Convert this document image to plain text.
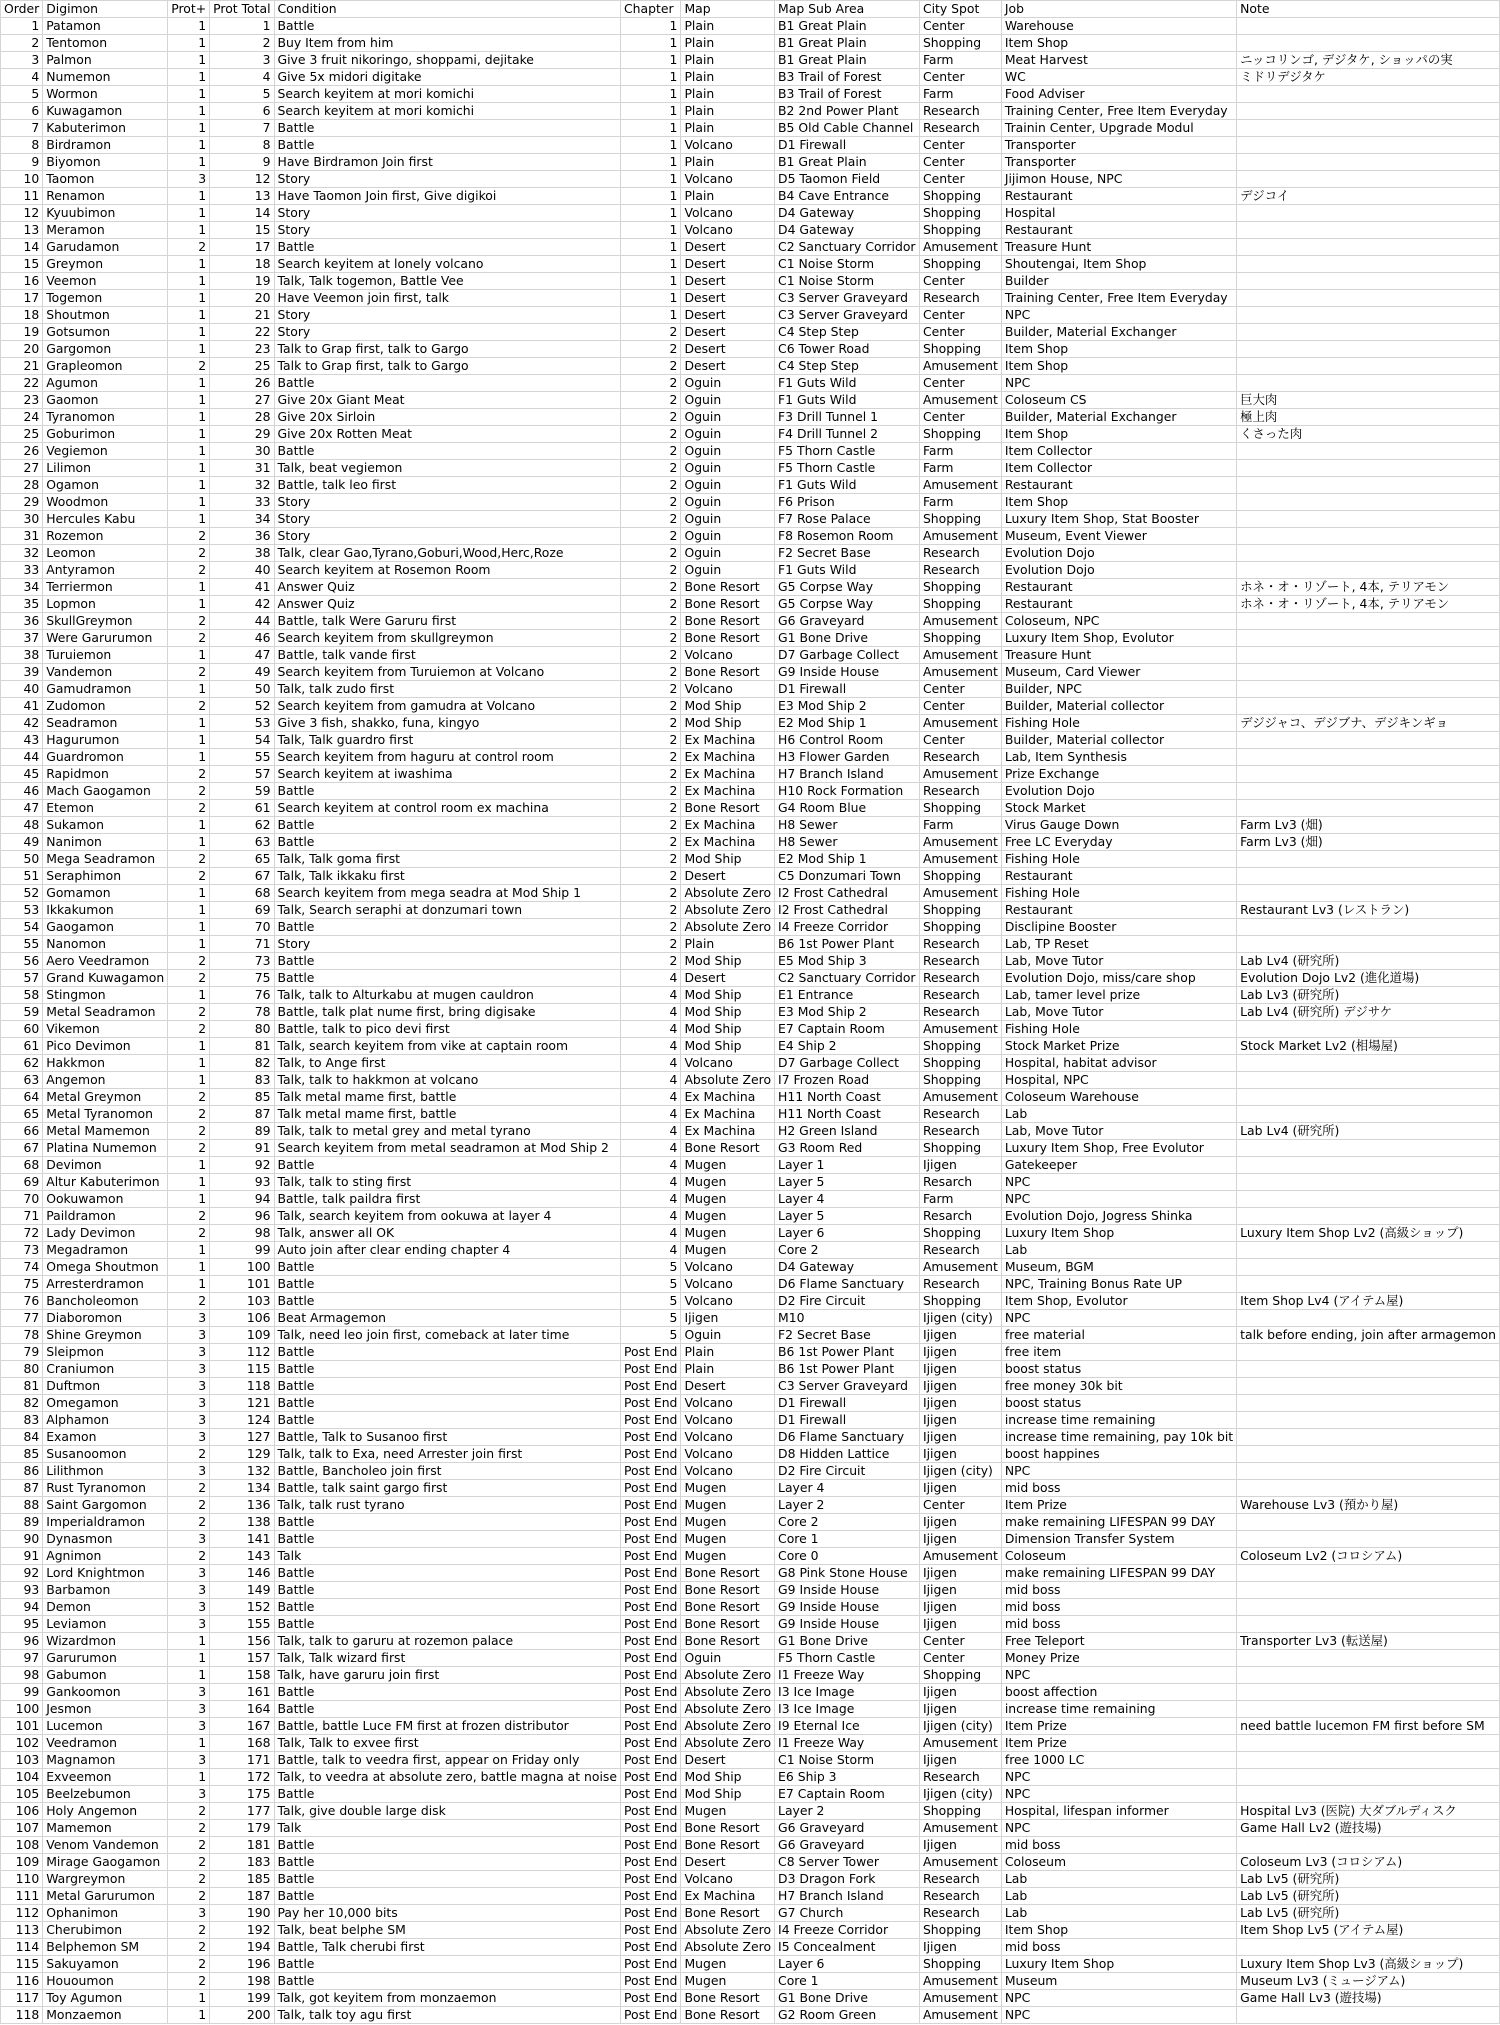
Order	Digimon	Prot+	Prot Total	Condition	Chapter	Map	Map Sub Area	City Spot	Job	Note
1	Patamon	1	1	Battle	1	Plain	B1 Great Plain	Center	Warehouse	
2	Tentomon	1	2	Buy Item from him	1	Plain	B1 Great Plain	Shopping	Item Shop	
3	Palmon	1	3	Give 3 fruit nikoringo, shoppami, dejitake	1	Plain	B1 Great Plain	Farm	Meat Harvest	ニッコリンゴ, デジタケ, ショッパの実
4	Numemon	1	4	Give 5x midori digitake	1	Plain	B3 Trail of Forest	Center	WC	ミドリデジタケ
5	Wormon	1	5	Search keyitem at mori komichi	1	Plain	B3 Trail of Forest	Farm	Food Adviser	
6	Kuwagamon	1	6	Search keyitem at mori komichi	1	Plain	B2 2nd Power Plant	Research	Training Center, Free Item Everyday	
7	Kabuterimon	1	7	Battle	1	Plain	B5 Old Cable Channel	Research	Trainin Center, Upgrade Modul	
8	Birdramon	1	8	Battle	1	Volcano	D1 Firewall	Center	Transporter	
9	Biyomon	1	9	Have Birdramon Join first	1	Plain	B1 Great Plain	Center	Transporter	
10	Taomon	3	12	Story	1	Volcano	D5 Taomon Field	Center	Jijimon House, NPC	
11	Renamon	1	13	Have Taomon Join first, Give digikoi	1	Plain	B4 Cave Entrance	Shopping	Restaurant	デジコイ
12	Kyuubimon	1	14	Story	1	Volcano	D4 Gateway	Shopping	Hospital	
13	Meramon	1	15	Story	1	Volcano	D4 Gateway	Shopping	Restaurant	
14	Garudamon	2	17	Battle	1	Desert	C2 Sanctuary Corridor	Amusement	Treasure Hunt	
15	Greymon	1	18	Search keyitem at lonely volcano	1	Desert	C1 Noise Storm	Shopping	Shoutengai, Item Shop	
16	Veemon	1	19	Talk, Talk togemon, Battle Vee	1	Desert	C1 Noise Storm	Center	Builder	
17	Togemon	1	20	Have Veemon join first, talk	1	Desert	C3 Server Graveyard	Research	Training Center, Free Item Everyday	
18	Shoutmon	1	21	Story	1	Desert	C3 Server Graveyard	Center	NPC	
19	Gotsumon	1	22	Story	2	Desert	C4 Step Step	Center	Builder, Material Exchanger	
20	Gargomon	1	23	Talk to Grap first, talk to Gargo	2	Desert	C6 Tower Road	Shopping	Item Shop	
21	Grapleomon	2	25	Talk to Grap first, talk to Gargo	2	Desert	C4 Step Step	Amusement	Item Shop	
22	Agumon	1	26	Battle	2	Oguin	F1 Guts Wild	Center	NPC	
23	Gaomon	1	27	Give 20x Giant Meat	2	Oguin	F1 Guts Wild	Amusement	Coloseum CS	巨大肉
24	Tyranomon	1	28	Give 20x Sirloin	2	Oguin	F3 Drill Tunnel 1	Center	Builder, Material Exchanger	極上肉
25	Goburimon	1	29	Give 20x Rotten Meat	2	Oguin	F4 Drill Tunnel 2	Shopping	Item Shop	くさった肉
26	Vegiemon	1	30	Battle	2	Oguin	F5 Thorn Castle	Farm	Item Collector	
27	Lilimon	1	31	Talk, beat vegiemon	2	Oguin	F5 Thorn Castle	Farm	Item Collector	
28	Ogamon	1	32	Battle, talk leo first	2	Oguin	F1 Guts Wild	Amusement	Restaurant	
29	Woodmon	1	33	Story	2	Oguin	F6 Prison	Farm	Item Shop	
30	Hercules Kabu	1	34	Story	2	Oguin	F7 Rose Palace	Shopping	Luxury Item Shop, Stat Booster	
31	Rozemon	2	36	Story	2	Oguin	F8 Rosemon Room	Amusement	Museum, Event Viewer	
32	Leomon	2	38	Talk, clear Gao,Tyrano,Goburi,Wood,Herc,Roze	2	Oguin	F2 Secret Base	Research	Evolution Dojo	
33	Antyramon	2	40	Search keyitem at Rosemon Room	2	Oguin	F1 Guts Wild	Research	Evolution Dojo	
34	Terriermon	1	41	Answer Quiz	2	Bone Resort	G5 Corpse Way	Shopping	Restaurant	ホネ・オ・リゾート, 4本, テリアモン
35	Lopmon	1	42	Answer Quiz	2	Bone Resort	G5 Corpse Way	Shopping	Restaurant	ホネ・オ・リゾート, 4本, テリアモン
36	SkullGreymon	2	44	Battle, talk Were Garuru first	2	Bone Resort	G6 Graveyard	Amusement	Coloseum, NPC	
37	Were Garurumon	2	46	Search keyitem from skullgreymon	2	Bone Resort	G1 Bone Drive	Shopping	Luxury Item Shop, Evolutor	
38	Turuiemon	1	47	Battle, talk vande first	2	Volcano	D7 Garbage Collect	Amusement	Treasure Hunt	
39	Vandemon	2	49	Search keyitem from Turuiemon at Volcano	2	Bone Resort	G9 Inside House	Amusement	Museum, Card Viewer	
40	Gamudramon	1	50	Talk, talk zudo first	2	Volcano	D1 Firewall	Center	Builder, NPC	
41	Zudomon	2	52	Search keyitem from gamudra at Volcano	2	Mod Ship	E3 Mod Ship 2	Center	Builder, Material collector	
42	Seadramon	1	53	Give 3 fish, shakko, funa, kingyo	2	Mod Ship	E2 Mod Ship 1	Amusement	Fishing Hole	デジジャコ、デジブナ、デジキンギョ
43	Hagurumon	1	54	Talk, Talk guardro first	2	Ex Machina	H6 Control Room	Center	Builder, Material collector	
44	Guardromon	1	55	Search keyitem from haguru at control room	2	Ex Machina	H3 Flower Garden	Research	Lab, Item Synthesis	
45	Rapidmon	2	57	Search keyitem at iwashima	2	Ex Machina	H7 Branch Island	Amusement	Prize Exchange	
46	Mach Gaogamon	2	59	Battle	2	Ex Machina	H10 Rock Formation	Research	Evolution Dojo	
47	Etemon	2	61	Search keyitem at control room ex machina	2	Bone Resort	G4 Room Blue	Shopping	Stock Market	
48	Sukamon	1	62	Battle	2	Ex Machina	H8 Sewer	Farm	Virus Gauge Down	Farm Lv3 (畑)
49	Nanimon	1	63	Battle	2	Ex Machina	H8 Sewer	Amusement	Free LC Everyday	Farm Lv3 (畑)
50	Mega Seadramon	2	65	Talk, Talk goma first	2	Mod Ship	E2 Mod Ship 1	Amusement	Fishing Hole	
51	Seraphimon	2	67	Talk, Talk ikkaku first	2	Desert	C5 Donzumari Town	Shopping	Restaurant	
52	Gomamon	1	68	Search keyitem from mega seadra at Mod Ship 1	2	Absolute Zero	I2 Frost Cathedral	Amusement	Fishing Hole	
53	Ikkakumon	1	69	Talk, Search seraphi at donzumari town	2	Absolute Zero	I2 Frost Cathedral	Shopping	Restaurant	Restaurant Lv3 (レストラン)
54	Gaogamon	1	70	Battle	2	Absolute Zero	I4 Freeze Corridor	Shopping	Disclipine Booster	
55	Nanomon	1	71	Story	2	Plain	B6 1st Power Plant	Research	Lab, TP Reset	
56	Aero Veedramon	2	73	Battle	2	Mod Ship	E5 Mod Ship 3	Research	Lab, Move Tutor	Lab Lv4 (研究所)
57	Grand Kuwagamon	2	75	Battle	4	Desert	C2 Sanctuary Corridor	Research	Evolution Dojo, miss/care shop	Evolution Dojo Lv2 (進化道場)
58	Stingmon	1	76	Talk, talk to Alturkabu at mugen cauldron	4	Mod Ship	E1 Entrance	Research	Lab, tamer level prize	Lab Lv3 (研究所)
59	Metal Seadramon	2	78	Battle, talk plat nume first, bring digisake	4	Mod Ship	E3 Mod Ship 2	Research	Lab, Move Tutor	Lab Lv4 (研究所) デジサケ
60	Vikemon	2	80	Battle, talk to pico devi first	4	Mod Ship	E7 Captain Room	Amusement	Fishing Hole	
61	Pico Devimon	1	81	Talk, search keyitem from vike at captain room	4	Mod Ship	E4 Ship 2	Shopping	Stock Market Prize	Stock Market Lv2 (相場屋)
62	Hakkmon	1	82	Talk, to Ange first	4	Volcano	D7 Garbage Collect	Shopping	Hospital, habitat advisor	
63	Angemon	1	83	Talk, talk to hakkmon at volcano	4	Absolute Zero	I7 Frozen Road	Shopping	Hospital, NPC	
64	Metal Greymon	2	85	Talk metal mame first, battle	4	Ex Machina	H11 North Coast	Amusement	Coloseum Warehouse	
65	Metal Tyranomon	2	87	Talk metal mame first, battle	4	Ex Machina	H11 North Coast	Research	Lab	
66	Metal Mamemon	2	89	Talk, talk to metal grey and metal tyrano	4	Ex Machina	H2 Green Island	Research	Lab, Move Tutor	Lab Lv4 (研究所)
67	Platina Numemon	2	91	Search keyitem from metal seadramon at Mod Ship 2	4	Bone Resort	G3 Room Red	Shopping	Luxury Item Shop, Free Evolutor	
68	Devimon	1	92	Battle	4	Mugen	Layer 1	Ijigen	Gatekeeper	
69	Altur Kabuterimon	1	93	Talk, talk to sting first	4	Mugen	Layer 5	Resarch	NPC	
70	Ookuwamon	1	94	Battle, talk paildra first	4	Mugen	Layer 4	Farm	NPC	
71	Paildramon	2	96	Talk, search keyitem from ookuwa at layer 4	4	Mugen	Layer 5	Resarch	Evolution Dojo, Jogress Shinka	
72	Lady Devimon	2	98	Talk, answer all OK	4	Mugen	Layer 6	Shopping	Luxury Item Shop	Luxury Item Shop Lv2 (高級ショップ)
73	Megadramon	1	99	Auto join after clear ending chapter 4	4	Mugen	Core 2	Research	Lab	
74	Omega Shoutmon	1	100	Battle	5	Volcano	D4 Gateway	Amusement	Museum, BGM	
75	Arresterdramon	1	101	Battle	5	Volcano	D6 Flame Sanctuary	Research	NPC, Training Bonus Rate UP	
76	Bancholeomon	2	103	Battle	5	Volcano	D2 Fire Circuit	Shopping	Item Shop, Evolutor	Item Shop Lv4 (アイテム屋)
77	Diaboromon	3	106	Beat Armagemon	5	Ijigen	M10	Ijigen (city)	NPC	
78	Shine Greymon	3	109	Talk, need leo join first, comeback at later time	5	Oguin	F2 Secret Base	Ijigen	free material	talk before ending, join after armagemon
79	Sleipmon	3	112	Battle	Post End	Plain	B6 1st Power Plant	Ijigen	free item	
80	Craniumon	3	115	Battle	Post End	Plain	B6 1st Power Plant	Ijigen	boost status	
81	Duftmon	3	118	Battle	Post End	Desert	C3 Server Graveyard	Ijigen	free money 30k bit	
82	Omegamon	3	121	Battle	Post End	Volcano	D1 Firewall	Ijigen	boost status	
83	Alphamon	3	124	Battle	Post End	Volcano	D1 Firewall	Ijigen	increase time remaining	
84	Examon	3	127	Battle, Talk to Susanoo first	Post End	Volcano	D6 Flame Sanctuary	Ijigen	increase time remaining, pay 10k bit	
85	Susanoomon	2	129	Talk, talk to Exa, need Arrester join first	Post End	Volcano	D8 Hidden Lattice	Ijigen	boost happines	
86	Lilithmon	3	132	Battle, Bancholeo join first	Post End	Volcano	D2 Fire Circuit	Ijigen (city)	NPC	
87	Rust Tyranomon	2	134	Battle, talk saint gargo first	Post End	Mugen	Layer 4	Ijigen	mid boss	
88	Saint Gargomon	2	136	Talk, talk rust tyrano	Post End	Mugen	Layer 2	Center	Item Prize	Warehouse Lv3 (預かり屋)
89	Imperialdramon	2	138	Battle	Post End	Mugen	Core 2	Ijigen	make remaining LIFESPAN 99 DAY	
90	Dynasmon	3	141	Battle	Post End	Mugen	Core 1	Ijigen	Dimension Transfer System	
91	Agnimon	2	143	Talk	Post End	Mugen	Core 0	Amusement	Coloseum	Coloseum Lv2 (コロシアム)
92	Lord Knightmon	3	146	Battle	Post End	Bone Resort	G8 Pink Stone House	Ijigen	make remaining LIFESPAN 99 DAY	
93	Barbamon	3	149	Battle	Post End	Bone Resort	G9 Inside House	Ijigen	mid boss	
94	Demon	3	152	Battle	Post End	Bone Resort	G9 Inside House	Ijigen	mid boss	
95	Leviamon	3	155	Battle	Post End	Bone Resort	G9 Inside House	Ijigen	mid boss	
96	Wizardmon	1	156	Talk, talk to garuru at rozemon palace	Post End	Bone Resort	G1 Bone Drive	Center	Free Teleport	Transporter Lv3 (転送屋)
97	Garurumon	1	157	Talk, Talk wizard first	Post End	Oguin	F5 Thorn Castle	Center	Money Prize	
98	Gabumon	1	158	Talk, have garuru join first	Post End	Absolute Zero	I1 Freeze Way	Shopping	NPC	
99	Gankoomon	3	161	Battle	Post End	Absolute Zero	I3 Ice Image	Ijigen	boost affection	
100	Jesmon	3	164	Battle	Post End	Absolute Zero	I3 Ice Image	Ijigen	increase time remaining	
101	Lucemon	3	167	Battle, battle Luce FM first at frozen distributor	Post End	Absolute Zero	I9 Eternal Ice	Ijigen (city)	Item Prize	need battle lucemon FM first before SM
102	Veedramon	1	168	Talk, Talk to exvee first	Post End	Absolute Zero	I1 Freeze Way	Amusement	Item Prize	
103	Magnamon	3	171	Battle, talk to veedra first, appear on Friday only	Post End	Desert	C1 Noise Storm	Ijigen	free 1000 LC	
104	Exveemon	1	172	Talk, to veedra at absolute zero, battle magna at noise	Post End	Mod Ship	E6 Ship 3	Research	NPC	
105	Beelzebumon	3	175	Battle	Post End	Mod Ship	E7 Captain Room	Ijigen (city)	NPC	
106	Holy Angemon	2	177	Talk, give double large disk	Post End	Mugen	Layer 2	Shopping	Hospital, lifespan informer	Hospital Lv3 (医院) 大ダブルディスク
107	Mamemon	2	179	Talk	Post End	Bone Resort	G6 Graveyard	Amusement	NPC	Game Hall Lv2 (遊技場)
108	Venom Vandemon	2	181	Battle	Post End	Bone Resort	G6 Graveyard	Ijigen	mid boss	
109	Mirage Gaogamon	2	183	Battle	Post End	Desert	C8 Server Tower	Amusement	Coloseum	Coloseum Lv3 (コロシアム)
110	Wargreymon	2	185	Battle	Post End	Volcano	D3 Dragon Fork	Research	Lab	Lab Lv5 (研究所)
111	Metal Garurumon	2	187	Battle	Post End	Ex Machina	H7 Branch Island	Research	Lab	Lab Lv5 (研究所)
112	Ophanimon	3	190	Pay her 10,000 bits	Post End	Bone Resort	G7 Church	Research	Lab	Lab Lv5 (研究所)
113	Cherubimon	2	192	Talk, beat belphe SM	Post End	Absolute Zero	I4 Freeze Corridor	Shopping	Item Shop	Item Shop Lv5 (アイテム屋)
114	Belphemon SM	2	194	Battle, Talk cherubi first	Post End	Absolute Zero	I5 Concealment	Ijigen	mid boss	
115	Sakuyamon	2	196	Battle	Post End	Mugen	Layer 6	Shopping	Luxury Item Shop	Luxury Item Shop Lv3 (高級ショップ)
116	Hououmon	2	198	Battle	Post End	Mugen	Core 1	Amusement	Museum	Museum Lv3 (ミュージアム)
117	Toy Agumon	1	199	Talk, got keyitem from monzaemon	Post End	Bone Resort	G1 Bone Drive	Amusement	NPC	Game Hall Lv3 (遊技場)
118	Monzaemon	1	200	Talk, talk toy agu first	Post End	Bone Resort	G2 Room Green	Amusement	NPC	
